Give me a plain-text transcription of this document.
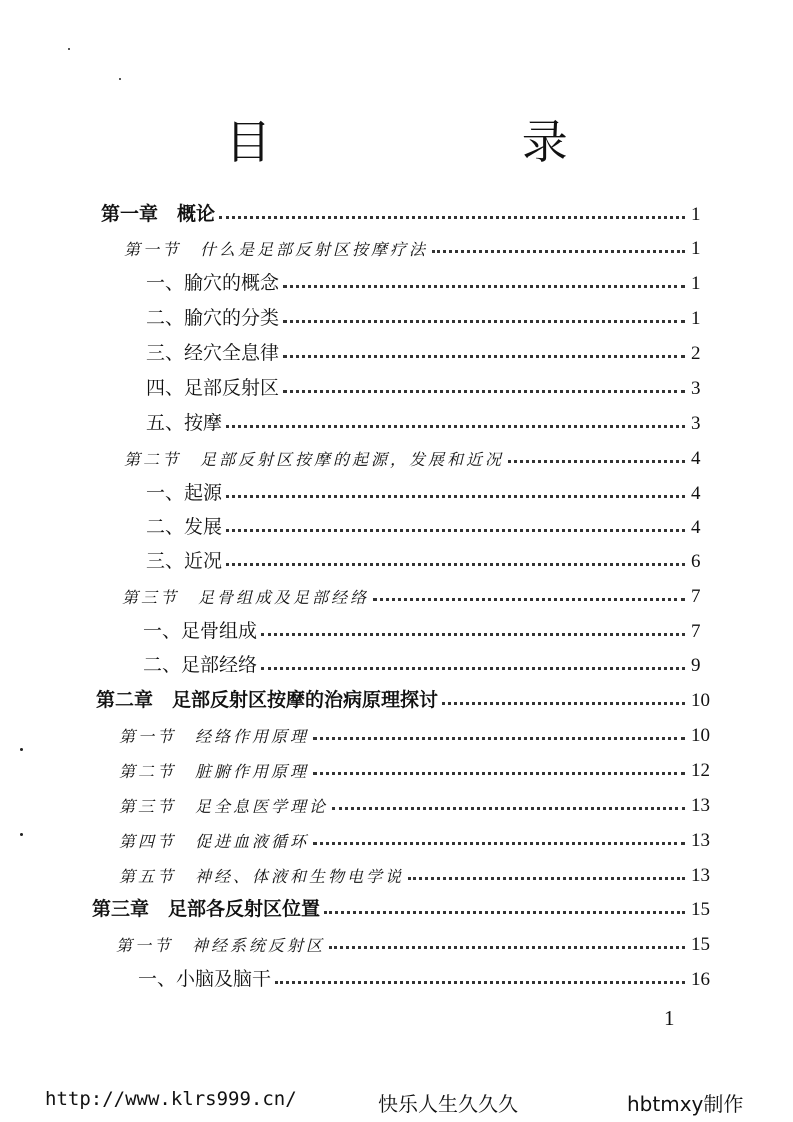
目 录
第一章　概论	1
第一节　什么是足部反射区按摩疗法	1
一、腧穴的概念	1
二、腧穴的分类	1
三、经穴全息律	2
四、足部反射区	3
五、按摩	3
第二节　足部反射区按摩的起源，发展和近况	4
一、起源	4
二、发展	4
三、近况	6
第三节　足骨组成及足部经络	7
一、足骨组成	7
二、足部经络	9
第二章　足部反射区按摩的治病原理探讨	10
第一节　经络作用原理	10
第二节　脏腑作用原理	12
第三节　足全息医学理论	13
第四节　促进血液循环	13
第五节　神经、体液和生物电学说	13
第三章　足部各反射区位置	15
第一节　神经系统反射区	15
一、小脑及脑干	16
1
http://www.klrs999.cn/	快乐人生久久久	hbtmxy制作
